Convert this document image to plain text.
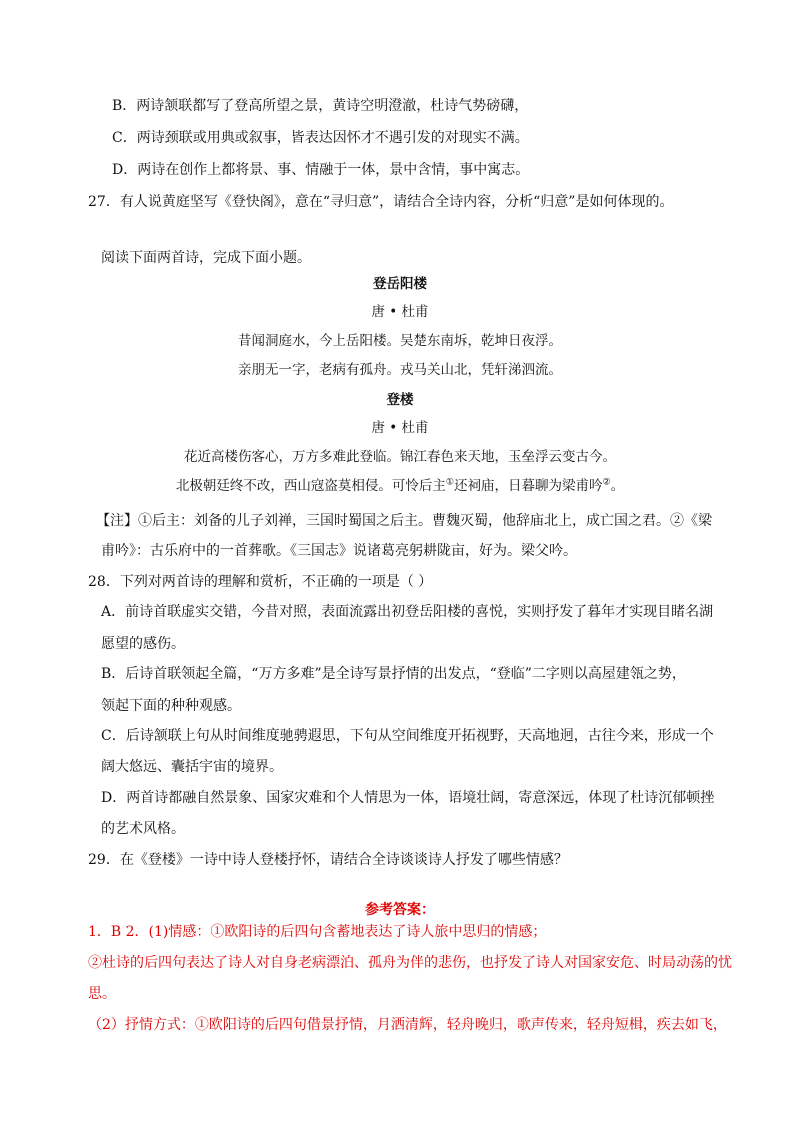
B．两诗颔联都写了登高所望之景，黄诗空明澄澈，杜诗气势磅礴，
C．两诗颈联或用典或叙事，皆表达因怀才不遇引发的对现实不满。
D．两诗在创作上都将景、事、情融于一体，景中含情，事中寓志。
27．有人说黄庭坚写《登快阁》，意在“寻归意”，请结合全诗内容，分析“归意”是如何体现的。
阅读下面两首诗，完成下面小题。
登岳阳楼
唐 • 杜甫
昔闻洞庭水，今上岳阳楼。吴楚东南坼，乾坤日夜浮。
亲朋无一字，老病有孤舟。戎马关山北，凭轩涕泗流。
登楼
唐 • 杜甫
花近高楼伤客心，万方多难此登临。锦江春色来天地，玉垒浮云变古今。
北极朝廷终不改，西山寇盗莫相侵。可怜后主①还祠庙，日暮聊为梁甫吟②。
【注】①后主：刘备的儿子刘禅，三国时蜀国之后主。曹魏灭蜀，他辞庙北上，成亡国之君。②《梁
甫吟》：古乐府中的一首葬歌。《三国志》说诸葛亮躬耕陇亩，好为。梁父吟。
28．下列对两首诗的理解和赏析，不正确的一项是（ ）
A．前诗首联虚实交错，今昔对照，表面流露出初登岳阳楼的喜悦，实则抒发了暮年才实现目睹名湖
愿望的感伤。
B．后诗首联领起全篇，“万方多难”是全诗写景抒情的出发点，“登临”二字则以高屋建瓴之势，
领起下面的种种观感。
C．后诗颔联上句从时间维度驰骋遐思，下句从空间维度开拓视野，天高地迥，古往今来，形成一个
阔大悠远、囊括宇宙的境界。
D．两首诗都融自然景象、国家灾难和个人情思为一体，语境壮阔，寄意深远，体现了杜诗沉郁顿挫
的艺术风格。
29．在《登楼》一诗中诗人登楼抒怀，请结合全诗谈谈诗人抒发了哪些情感？
参考答案：
1．B 2．(1)情感：①欧阳诗的后四句含蓄地表达了诗人旅中思归的情感；
②杜诗的后四句表达了诗人对自身老病漂泊、孤舟为伴的悲伤，也抒发了诗人对国家安危、时局动荡的忧
思。
（2）抒情方式：①欧阳诗的后四句借景抒情，月洒清辉，轻舟晚归，歌声传来，轻舟短楫，疾去如飞，
